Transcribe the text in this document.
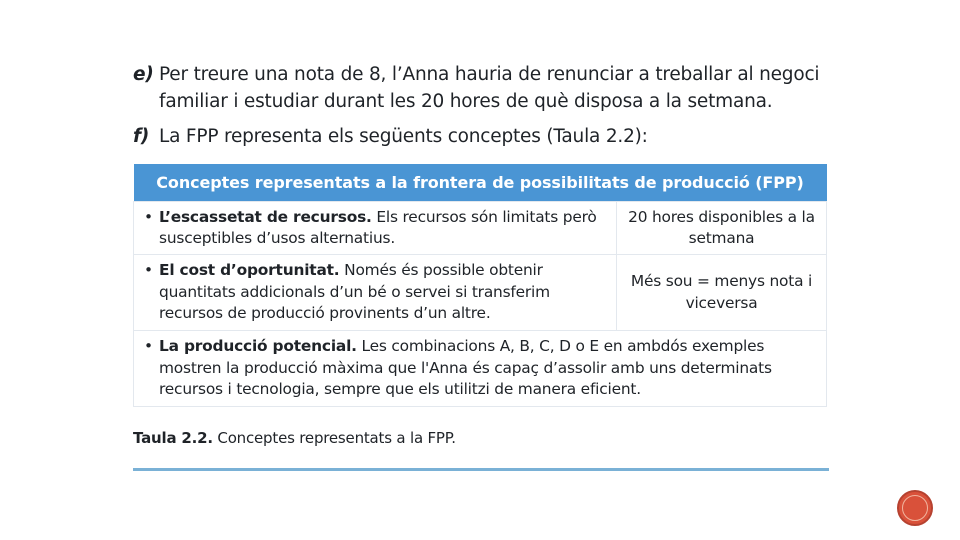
e) Per treure una nota de 8, l’Anna hauria de renunciar a treballar al negoci familiar i estudiar durant les 20 hores de què disposa a la setmana.
f) La FPP representa els següents conceptes (Taula 2.2):
Conceptes representats a la frontera de possibilitats de producció (FPP)	

• L’escassetat de recursos. Els recursos són limitats però susceptibles d’usos alternatius.	20 hores disponibles a la setmana

• El cost d’oportunitat. Només és possible obtenir quantitats addicionals d’un bé o servei si transferim recursos de producció provinents d’un altre.	Més sou = menys nota i viceversa

• La producció potencial. Les combinacions A, B, C, D o E en ambdós exemples mostren la producció màxima que l'Anna és capaç d’assolir amb uns determinats recursos i tecnologia, sempre que els utilitzi de manera eficient.	
Taula 2.2. Conceptes representats a la FPP.
